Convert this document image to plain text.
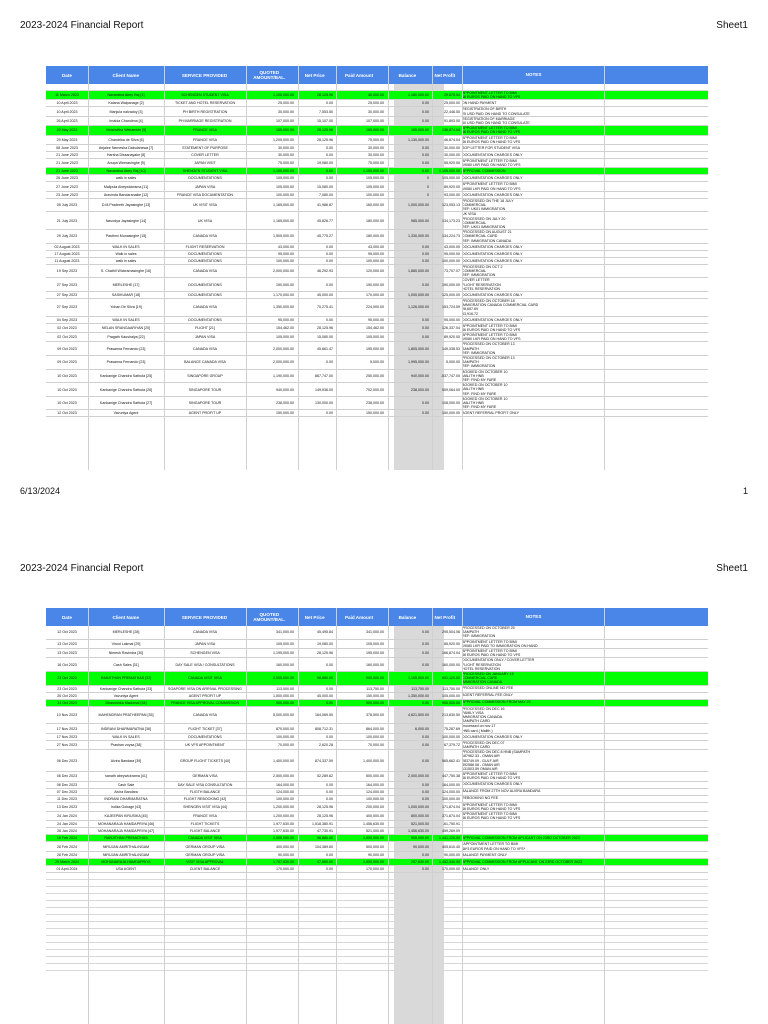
2023-2024 Financial Report	Sheet1
Date	Client Name	SERVICE PROVIDED	QUOTED AMOUNT/BAL.	Net Price	Paid Amount	Balance	Net Profit	NOTES
11 March 2023	Navaratna Abey Raj [1]	SCHENGEN STUDENT VISA	1,105,000.00	28,125.96	40,000.00	1,160,000.00	29,875.04
APPOINTMENT LETTER TO BIMI
46 EUROS PAID ON HAND TO VFS
10 April 2023	Kalana Walpanage [2]	TICKET AND HOTEL RESERVATION	25,000.00	0.00	25,000.00	0.00	25,000.00 ON HAND PAYMENT
10 April 2023	Manjula nalvadoy [3]	PH BIRTH REGISTRATION	30,000.00	7,553.50	30,000.00	0.00	22,446.50
REGISTRATION OF BIRTH
25 USD PAID ON HAND TO CONSULATE
26 April 2023	Imalda Chandima [4]	PH MARRIAGE REGISTRATION	107,000.00	15,107.00	107,000.00	0.00	91,893.00
REGISTRATION OF MARRIAGE
50 USD PAID ON HAND TO CONSULATE
29 May 2023	Vinishvitha Wekamble [5]	FRANCE VISA	165,000.00	28,125.96	165,000.00	165,000.00	136,874.04
APPOINTMENT LETTER TO BIMI
46 EUROS PAID ON HAND TO VFS
29 May 2023	Chandrika de Silva [6]	FRANCE VISA	1,205,000.00	28,125.96	75,000.00	1,130,000.00	46,874.04
APPOINTMENT LETTER TO BIMI
46 EUROS PAID ON HAND TO VFS
08 June 2023	Anjalee Nemesha Dabulahewa [7]	STATEMENT OF PURPOSE	30,000.00	0.00	30,000.00	0.00	30,000.00 SOP LETTER FOR STUDENT VISA
21 June 2023	Harsha Dissanayake [8]	COVER LETTER	30,000.00	0.00	30,000.00	0.00	30,000.00 DOCUMENTATION CHARGES ONLY
21 June 2023	Anupa Weerasinghe [9]	JAPAN VISIT	75,000.00	19,080.00	75,000.00	0.00	55,920.00
APPOINTMENT LETTER TO BIMI
19080 LKR PAID ON HAND TO VFS
21 June 2023	Navaratna Abey Raj [10]	SHENGEN STUDENT VISA	1,105,000.00	0.00	1,105,000.00	0.00	1,105,000.00 APPROVAL COMMISSION
26 June 2023	walk in sales	DOCUMENTATIONS	105,000.00	0.00	105,000.00	0	105,000.00 DOCUMENTATION CHARGES ONLY
27 June 2023	Malipula Abeywickrama [11]	JAPAN VISA	105,000.00	15,080.00	105,000.00	0	89,920.00
APPOINTMENT LETTER TO BIMI
19080 LKR PAID ON HAND TO VFS
23 June 2023	Aravinda Bandaranaike [12]	FRANCE VISA DOCUMENTATION	100,000.00	7,080.00	100,000.00	0	93,000.00 DOCUMENTATION CHARGES ONLY
05 July 2023	D.M.Pradeeth Jayasinghe [13]	UK VISIT VISA	1,165,000.00	41,986.87	160,000.00	1,000,000.00	123,053.13
PROCESSED ON THE 18 JULY
COMMERCIAL
REF: UK01 IMMIGRATION
21 July 2023	Navodya Jayasinghe [14]	UK VISA	1,165,000.00	45,826.77	180,000.00	985,000.00	134,173.23
UK VISA
PROCESSED ON JULY 20
COMMERCIAL
REF: UK01 IMMIGRATION
29 July 2023	Pasthmi Munasinghe [15]	CANADA VISA	1,505,000.00	45,775.27	180,000.00	1,330,000.00	134,224.73
PROCESSED ON AUGUST 21
COMMERCIAL CARD
REF: IMMIGRATION CANADA
02 August 2023	WALK IN SALES	FLIGHT RESERVATION	43,000.00	0.00	43,000.00	0.00	43,000.00 DOCUMENTATION CHARGES ONLY
17 August 2023	Walk in sales	DOCUMENTATIONS	95,000.00	0.00	95,000.00	0.00	95,000.00 DOCUMENTATION CHARGES ONLY
11 August 2023	walk in sales	DOCUMENTATIONS	100,000.00	0.00	100,000.00	0.00	100,000.00 DOCUMENTATION CHARGES ONLY
19 Sep 2023	S. Chathli Wickramasinghe [16]	CANADA VISA	2,000,000.00	46,292.93	120,000.00	1,880,000.00	73,707.07
PROCESSED ON OCT 2
COMMERCIAL
REF: IMMIGRATION
27 Sep 2023	MERLESHE [17]	DOCUMENTATIONS	190,000.00	0.00	190,000.00	0.00	190,000.00
COVER LETTER
FLIGHT RESERVATION
HOTEL RESERVATION
27 Sep 2023	SASIKUMAR [18]	DOCUMENTATIONS	1,170,000.00	45,000.00	170,000.00	1,000,000.00	125,000.00 DOCUMENTATION CHARGES ONLY
27 Sep 2023	Yohan De Silva [19]	CANADA VISA	1,350,000.00	70,275.41	224,000.00	1,126,000.00	153,724.59
PROCESSED ON OCTOBER 18
IMMIGRATION CANADA COMMERCIAL CARD
28,657.69
53,916.72
04 Sep 2023	WALK IN SALES	DOCUMENTATIONS	95,000.00	0.00	95,000.00	0.00	95,000.00 DOCUMENTATION CHARGES ONLY
02 Oct 2023	NELAN SRANGAARIYAN [20]	FLIGHT [21]	154,462.00	28,125.96	154,462.00	0.00	126,337.04
APPOINTMENT LETTER TO BIMI
46 EUROS PAID ON HAND TO VFS
02 Oct 2023	Pragath Kaushalya [22]	JAPAN VISA	105,000.00	15,080.00	105,000.00	0.00	89,920.00
APPOINTMENT LETTER TO BIMI
19080 LKR PAID ON HAND TO VFS
09 Oct 2023	Prasanna Fernando [23]	CANADA VISA	2,000,000.00	45,661.47	195,000.00	1,805,000.00	149,338.53
PROCESSED ON OCTOBER 13
SAMPATH
REF: IMMIGRATION
09 Oct 2023	Prasanna Fernando [23]	BALANCE CANADA VISA	2,000,000.00	0.00	5,000.00	1,995,000.00	5,000.00
PROCESSED ON OCTOBER 13
SAMPATH
REF: IMMIGRATION
10 Oct 2023	Kankanige Chandra Sathuta [25]	SINGAPORE GROUP	1,190,000.00	867,747.00	250,000.00	940,000.00	-537,747.00
BOOKED ON OCTOBER 10
MALITH HNB
REF: FIND MY FARE
10 Oct 2023	Kankanige Chandra Sathuta [26]	SINGAPORE TOUR	940,000.00	149,936.00	702,000.00	238,000.00	509,064.00
BOOKED ON OCTOBER 10
MALITH HNB
REF: FIND MY FARE
10 Oct 2023	Kankanige Chandra Sathuta [27]	SINGAPORE TOUR	238,000.00	130,000.00	238,000.00	0.00	108,000.00
BOOKED ON OCTOBER 10
MALITH HNB
REF: FIND MY FARE
12 Oct 2023	Vavuniya Agent	AGENT PROFIT UP	150,000.00	0.00	150,000.00	0.00	150,000.00 AGENT REFERRAL PROFIT ONLY
6/13/2024	1
2023-2024 Financial Report	Sheet1
Date	Client Name	SERVICE PROVIDED	QUOTED AMOUNT/BAL.	Net Price	Paid Amount	Balance	Net Profit	NOTES
12 Oct 2023	MERLESHE [28]	CANADA VISA	341,000.00	45,495.84	341,000.00	0.00	295,504.06
PROCESSED ON OCTOBER 25
SAMPATH
REF: IMMIGRATION
13 Oct 2023	Vinod Lakmal [29]	JAPAN VISA	105,000.00	19,080.00	105,000.00	0.00	85,920.00
APPOINTMENT LETTER TO BIMI
19080 LKR PAID TO IMMIGRATION ON HAND
13 Oct 2023	Nimesh Ravindra [30]	SCHENGEN VISA	1,195,000.00	28,125.96	195,000.00	0.00	166,874.04
APPOINTMENT LETTER TO BIMI
46 EUROS PAID ON HAND TO VFS
16 Oct 2023	Cash Sales [31]	DAY SALE VISA / CONSULTATIONS	160,000.00	0.00	160,000.00	0.00	160,000.00
DOCUMENTATION ONLY / COVER LETTER
FLIGHT RESERVATION
HOTEL RESERVATION
23 Oct 2023	RANJITHAN PREMATHAS [32]	CANADA VISIT VISA	2,005,000.00	58,880.00	900,000.00	1,105,000.00	841,120.00
PROCESSED ON JANUARY 16
COMMERCIAL CARD
IMMIGRATION CANADA
23 Oct 2023	Kankanige Chandra Sathuta [33]	SOAPORE VISA ON ARRIVAL PROCESSING	113,000.00	0.00	113,750.00	113,750.00	113,750.00 PROCESSED ONLINE NO FEE
26 Oct 2023	Vavuniya Agent	AGENT PROFIT UP	1,500,000.00	45,000.00	150,000.00	1,350,000.00	105,000.00 AGENT REFERRAL FEE ONLY
31 Oct 2023	Dhanushka Madumai [34]	FRANCE VISA APPROVAL COMMISSION	900,000.00	0.00	900,000.00	0.00	900,000.00 APPROVAL COMMISSION FROM MAY 23
10 Nov 2023	MAHENDRAN PRATHEEPAN [35]	CANADA VISA	5,000,000.00	164,069.50	378,500.00	4,621,500.00	213,830.50
PROCESSED ON DEC 16
FAMILY VISA
IMMIGRATION CANADA
SAMPATH CARD
17 Nov 2023	INDRANI DHARMARATNA [36]	FLIGHT TICKET [37]	870,000.00	808,712.31	864,000.00	6,000.00	75,287.69
processed on nov 17
HNB card ( Malith )
17 Nov 2023	WALK IN SALES	DOCUMENTATIONS	100,000.00	0.00	100,000.00	0.00	100,000.00 DOCUMENTATION CHARGES ONLY
27 Nov 2023	Prashan zoysa [38]	UK VFS APPOINTMENT	70,000.00	2,620.28	70,000.00	0.00	67,379.72
PROCESSED ON DEC 07
SAMPATH CARD
06 Dec 2023	Alvira Bandara [39]	GROUP FLIGHT TICKETS [40]	1,400,000.00	874,337.59	1,400,000.00	0.00	565,662.41
PROCESSED ON DEC 8 HNB (SAMPATH
187962.33 - OMAN AIR
283749.09 - GULF AIR
392586.08 - OMAN AIR
131503.59 OMAN AIR
06 Dec 2023	sanath abeywickrama [41]	GERMAN VISA	2,500,000.00	52,289.62	500,000.00	2,000,000.00	447,750.38
APPOINTMENT LETTER TO BIMI
46 EUROS PAID ON HAND TO VFS
06 Dec 2023	Cash Sale	DAY SALE VISA CONSULTATION	164,000.00	0.00	164,000.00	0.00	164,000.00 DOCUMENTATION CHARGES ONLY
07 Dec 2023	Alvira Bandara	FLIGTH BALANCE	124,000.00	0.00	124,000.00	0.00	124,000.00 BALANCE FROM 27TH NOV ALVIRA BANDARA
11 Dec 2023	INDRANI DHARMARATNA	FLIGHT REBOOKING [42]	100,000.00	0.00	100,000.00	0.00	100,000.00 REBOOKING NO FEE
13 Dec 2023	Indika Gokage [43]	SHENGEN VISIT VISA [44]	1,200,000.00	28,125.96	200,000.00	1,000,000.00	171,874.04
APPOINTMENT LETTER TO BIMI
46 EUROS PAID ON HAND TO VFS
24 Jan 2024	KAJEEPAN KIRUSIKA [45]	FRANCE VISA	1,200,000.00	28,125.96	400,000.00	800,000.00	371,874.04
APPOINTMENT LETTER TO BIMI
46 EUROS PAID ON HAND TO VFS
24 Jan 2024	MOHANARAJA HAMDAPRIYA [46]	FLIGHT TICKETS	1,977,630.00	1,518,380.91	1,456,630.00	521,000.00	-61,750.91
26 Jan 2024	MOHANARAJA HAMDAPRIYA [47]	FLIGHT BALANCE	1,977,630.00	47,730.91	521,000.00	1,456,630.00	459,269.09
16 Feb 2024	RANJITHAN PREMATHAS	CANADA VISIT VISA	2,005,000.00	58,880.00	1,500,000.00	505,000.00	1,441,120.00 APPROVAL COMMISSION FROM APLICANT ON 23RD OCTOBER 2023
28 Feb 2024	NIRUJAN AMRITHALINGAM	GERMAN GROUP VISA	400,000.00	104,389.60	500,000.00	90,000.00	405,610.40
*APPOINTMENT LETTER TO BIMI
46*3 EUROS PAID ON HAND TO VFS*
28 Feb 2024	NIRUJAN AMRITHALINGAM	GERMAN GROUP VISA	90,000.00	0.00	90,000.00	0.00	90,000.00 BALANCE PAYMENT ONLY
29 March 2024	MOHANARAJA HAMDAPRIYA	VISIT VISA APPROVAL	1,707,630.00	47,660.00	1,500,000.00	207,630.00	1,452,340.00 APPROVAL COMMISSION FROM APPLICANT ON 23RD OCTOBER 2023
01 April 2024	USA AGENT	CLIENT BALANCE	170,000.00	0.00	170,000.00	0.00	170,000.00 BALANCE ONLY
